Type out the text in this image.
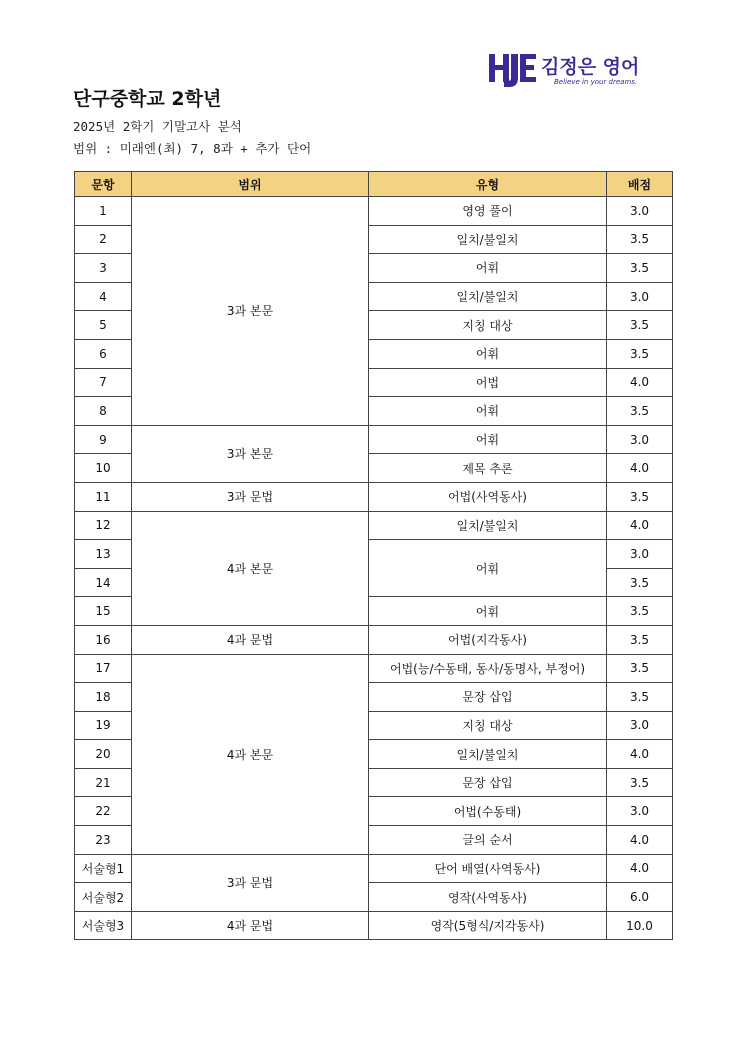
단구중학교 2학년
2025년 2학기 기말고사 분석
범위 : 미래엔(최) 7, 8과 + 추가 단어
김정은 영어
Believe in your dreams.
문항	범위	유형	배점
1	3과 본문	영영 풀이	3.0
2		일치/불일치	3.5
3		어휘	3.5
4		일치/불일치	3.0
5		지칭 대상	3.5
6		어휘	3.5
7		어법	4.0
8		어휘	3.5
9	3과 본문	어휘	3.0
10		제목 추론	4.0
11	3과 문법	어법(사역동사)	3.5
12	4과 본문	일치/불일치	4.0
13		어휘	3.0
14			3.5
15		어휘	3.5
16	4과 문법	어법(지각동사)	3.5
17	4과 본문	어법(능/수동태, 동사/동명사, 부정어)	3.5
18		문장 삽입	3.5
19		지칭 대상	3.0
20		일치/불일치	4.0
21		문장 삽입	3.5
22		어법(수동태)	3.0
23		글의 순서	4.0
서술형1	3과 문법	단어 배열(사역동사)	4.0
서술형2		영작(사역동사)	6.0
서술형3	4과 문법	영작(5형식/지각동사)	10.0
